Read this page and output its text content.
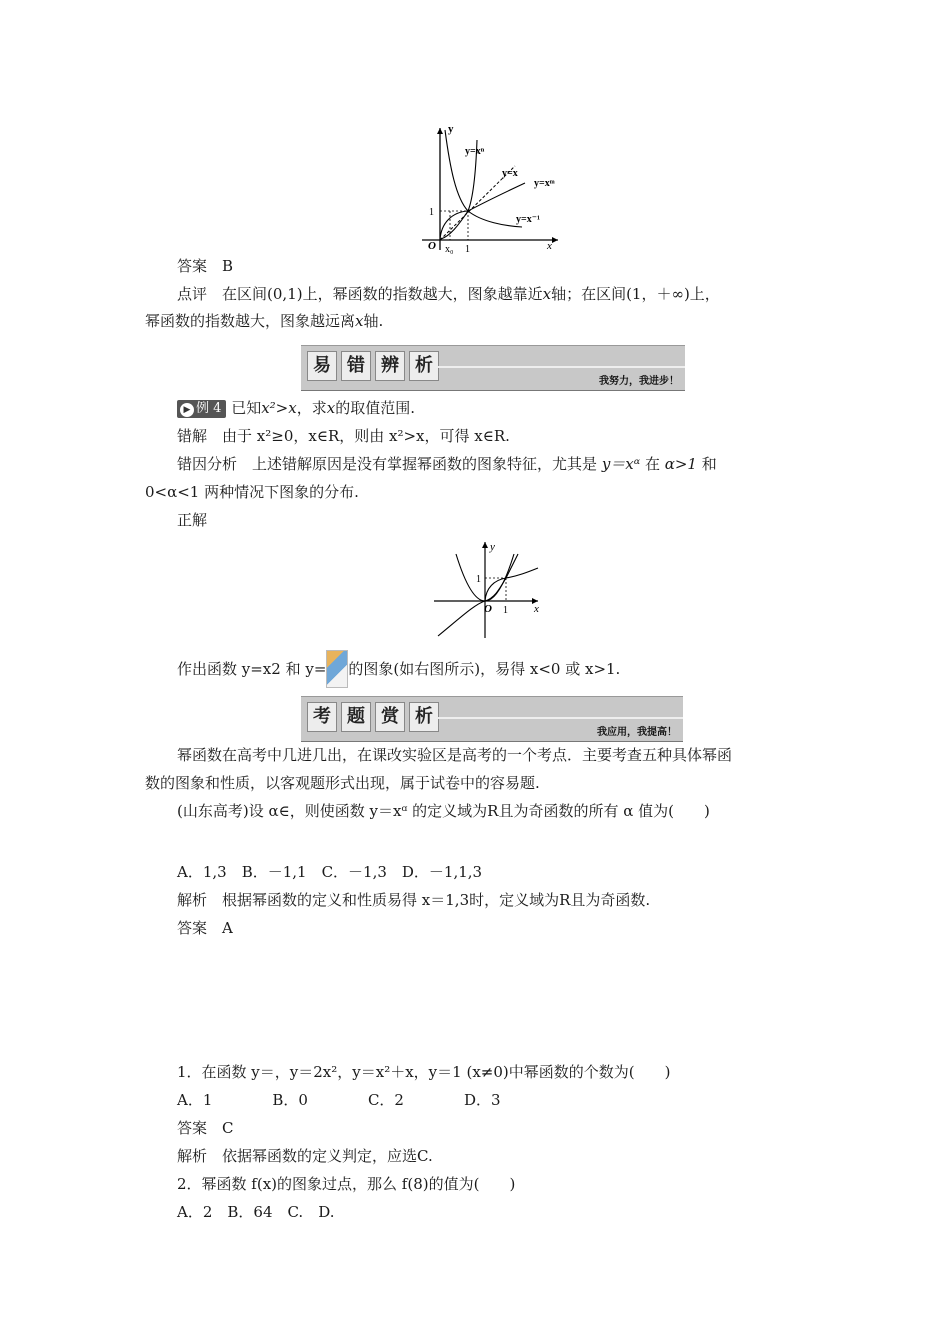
y
x
O x₀ 1
1
y=xⁿ
y=x
y=xᵐ
y=x⁻¹
答案　 B
点评　 在区间(0,1)上，幂函数的指数越大，图象越靠近x轴；在区间(1，＋∞)上，
幂函数的指数越大，图象越远离x轴.
易 错 辨 析
我努力，我进步！
▶ 例 4 已知x²>x，求x的取值范围.
错解　 由于 x²≥0，x∈R，则由 x²>x，可得 x∈R.
错因分析　 上述错解原因是没有掌握幂函数的图象特征，尤其是 y＝xᵅ 在 α>1 和
0<α<1 两种情况下图象的分布.
正解
y
x
O 1
1
作出函数 y=x2 和 y= 的图象(如右图所示)，易得 x<0 或 x>1.
考 题 赏 析
我应用，我提高！
幂函数在高考中几进几出，在课改实验区是高考的一个考点．主要考查五种具体幂函
数的图象和性质，以客观题形式出现，属于试卷中的容易题.
(山东高考)设 α∈，则使函数 y＝xᵅ 的定义域为R且为奇函数的所有 α 值为(　　)
A．1,3　B．－1,1　C．－1,3　D．－1,1,3
解析　 根据幂函数的定义和性质易得 x＝1,3时，定义域为R且为奇函数.
答案　 A
1．在函数 y＝，y＝2x²，y＝x²＋x，y＝1 (x≠0)中幂函数的个数为(　　)
A．1　　　　B．0　　　　C．2　　　　D．3
答案　 C
解析　 依据幂函数的定义判定，应选C.
2．幂函数 f(x)的图象过点，那么 f(8)的值为(　　)
A．2　B．64　C.　D.
